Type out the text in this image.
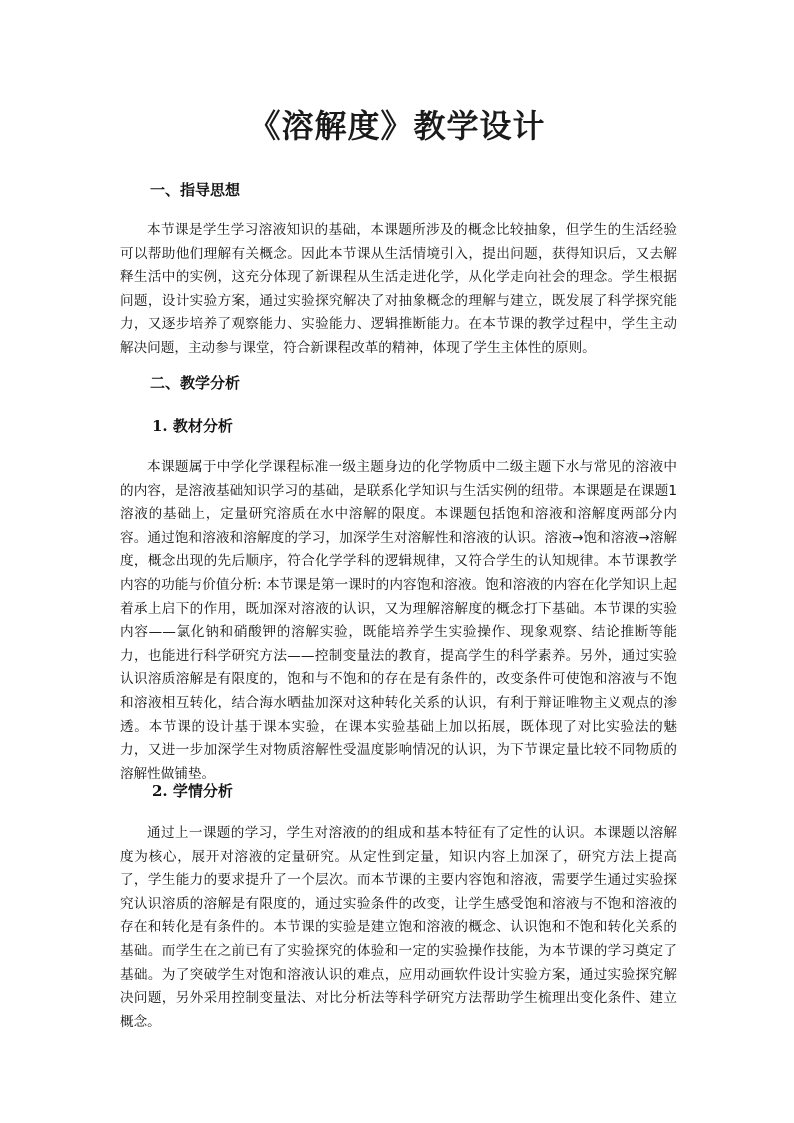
《溶解度》教学设计
一、指导思想

本节课是学生学习溶液知识的基础，本课题所涉及的概念比较抽象，但学生的生活经验可以帮助他们理解有关概念。因此本节课从生活情境引入，提出问题，获得知识后，又去解释生活中的实例，这充分体现了新课程从生活走进化学，从化学走向社会的理念。学生根据问题，设计实验方案，通过实验探究解决了对抽象概念的理解与建立，既发展了科学探究能力，又逐步培养了观察能力、实验能力、逻辑推断能力。在本节课的教学过程中，学生主动解决问题，主动参与课堂，符合新课程改革的精神，体现了学生主体性的原则。

二、教学分析
1. 教材分析

本课题属于中学化学课程标准一级主题身边的化学物质中二级主题下水与常见的溶液中的内容，是溶液基础知识学习的基础，是联系化学知识与生活实例的纽带。本课题是在课题1溶液的基础上，定量研究溶质在水中溶解的限度。本课题包括饱和溶液和溶解度两部分内容。通过饱和溶液和溶解度的学习，加深学生对溶解性和溶液的认识。溶液→饱和溶液→溶解度，概念出现的先后顺序，符合化学学科的逻辑规律，又符合学生的认知规律。本节课教学内容的功能与价值分析: 本节课是第一课时的内容饱和溶液。饱和溶液的内容在化学知识上起着承上启下的作用，既加深对溶液的认识，又为理解溶解度的概念打下基础。本节课的实验内容——氯化钠和硝酸钾的溶解实验，既能培养学生实验操作、现象观察、结论推断等能力，也能进行科学研究方法——控制变量法的教育，提高学生的科学素养。另外，通过实验认识溶质溶解是有限度的，饱和与不饱和的存在是有条件的，改变条件可使饱和溶液与不饱和溶液相互转化，结合海水晒盐加深对这种转化关系的认识，有利于辩证唯物主义观点的渗透。本节课的设计基于课本实验，在课本实验基础上加以拓展，既体现了对比实验法的魅力，又进一步加深学生对物质溶解性受温度影响情况的认识，为下节课定量比较不同物质的溶解性做铺垫。

2. 学情分析

通过上一课题的学习，学生对溶液的的组成和基本特征有了定性的认识。本课题以溶解度为核心，展开对溶液的定量研究。从定性到定量，知识内容上加深了，研究方法上提高了，学生能力的要求提升了一个层次。而本节课的主要内容饱和溶液，需要学生通过实验探究认识溶质的溶解是有限度的，通过实验条件的改变，让学生感受饱和溶液与不饱和溶液的存在和转化是有条件的。本节课的实验是建立饱和溶液的概念、认识饱和不饱和转化关系的基础。而学生在之前已有了实验探究的体验和一定的实验操作技能，为本节课的学习奠定了基础。为了突破学生对饱和溶液认识的难点，应用动画软件设计实验方案，通过实验探究解决问题，另外采用控制变量法、对比分析法等科学研究方法帮助学生梳理出变化条件、建立概念。
